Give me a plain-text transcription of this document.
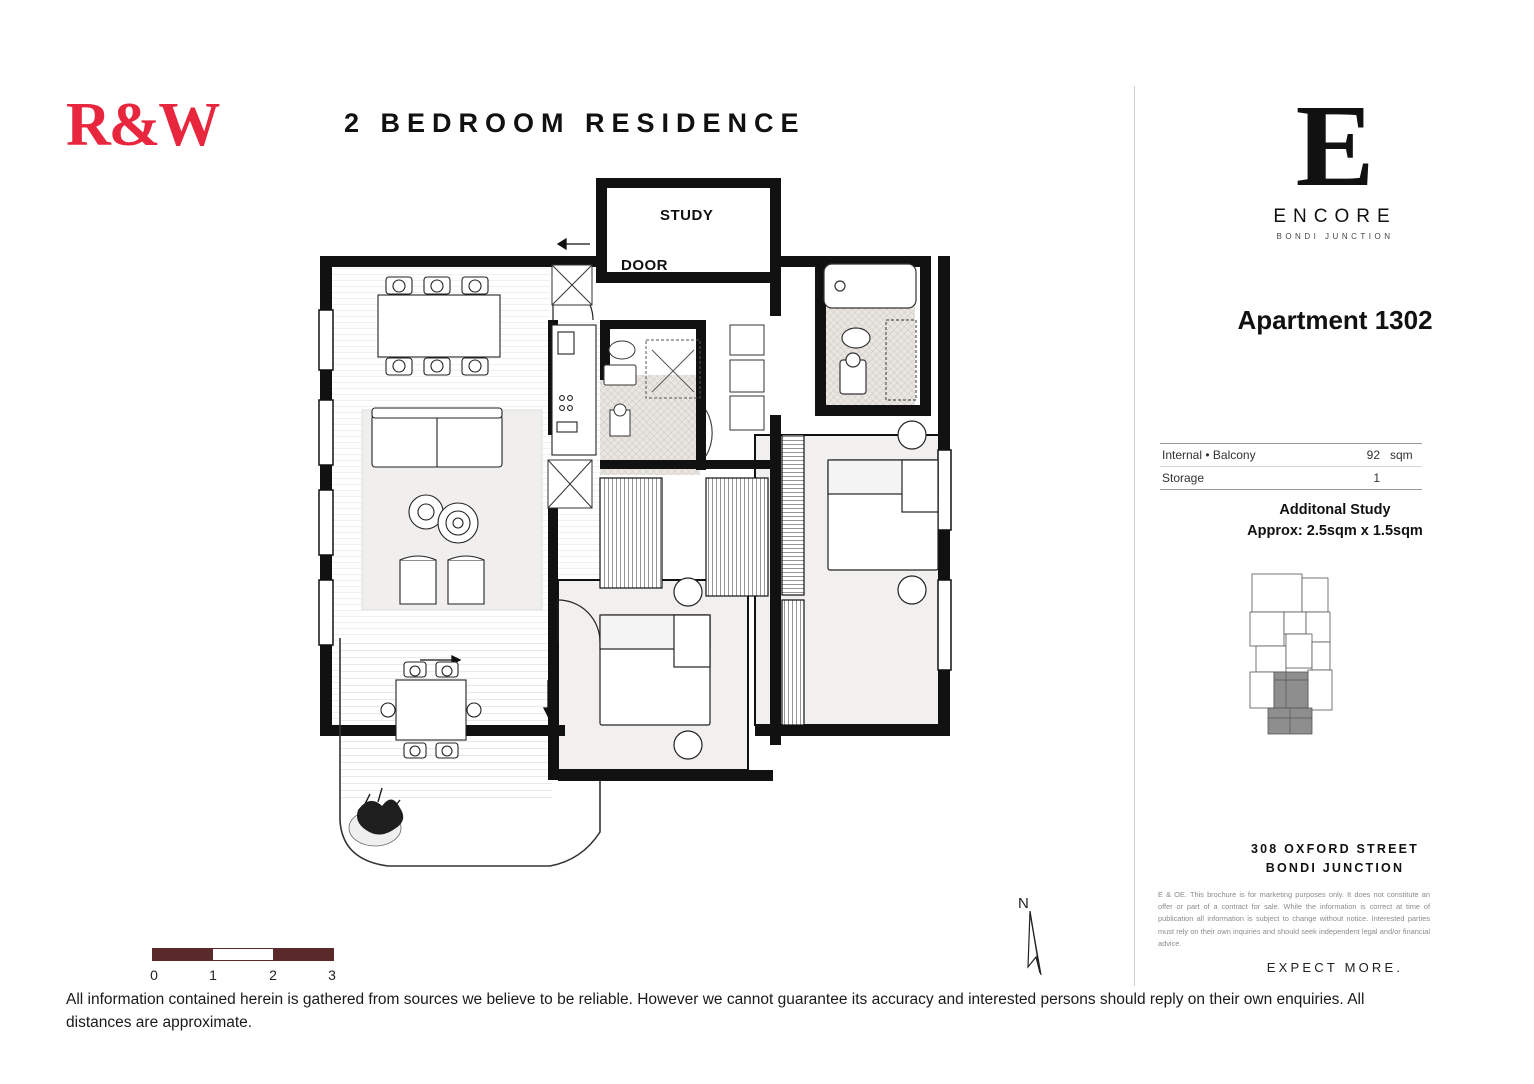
R&W	2 BEDROOM RESIDENCE
STUDY
DOOR
0	1	2	3
N
E
ENCORE
BONDI JUNCTION
Apartment 1302
Internal • Balcony	92 sqm
Storage	1
Additonal Study
Approx: 2.5sqm x 1.5sqm
308 OXFORD STREET
BONDI JUNCTION
E & OE. This brochure is for marketing purposes only. It does not constitute an offer or part of a contract for sale. While the information is correct at time of publication all information is subject to change without notice. Interested parties must rely on their own inquiries and should seek independent legal and/or financial advice.
EXPECT MORE.
All information contained herein is gathered from sources we believe to be reliable. However we cannot guarantee its accuracy and interested persons should reply on their own enquiries. All distances are approximate.
